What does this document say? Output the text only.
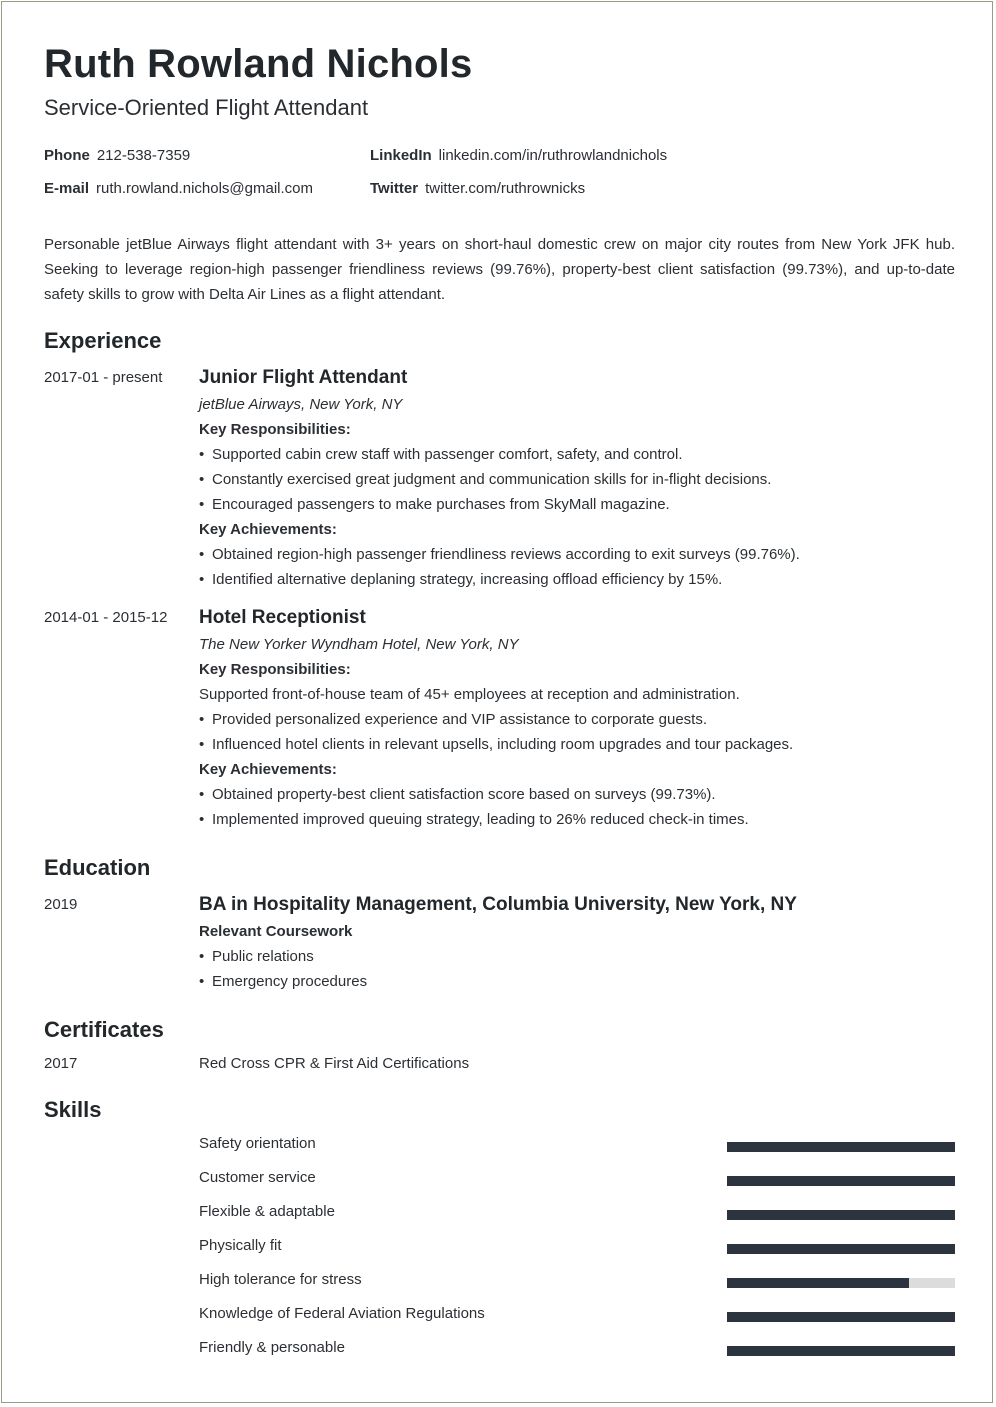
Ruth Rowland Nichols
Service-Oriented Flight Attendant
Phone 212-538-7359	LinkedIn linkedin.com/in/ruthrowlandnichols
E-mail ruth.rowland.nichols@gmail.com	Twitter twitter.com/ruthrownicks

Personable jetBlue Airways flight attendant with 3+ years on short-haul domestic crew on major city routes from New York JFK hub. Seeking to leverage region-high passenger friendliness reviews (99.76%), property-best client satisfaction (99.73%), and up-to-date safety skills to grow with Delta Air Lines as a flight attendant.

Experience
2017-01 - present Junior Flight Attendant
jetBlue Airways, New York, NY
Key Responsibilities:
• Supported cabin crew staff with passenger comfort, safety, and control.
• Constantly exercised great judgment and communication skills for in-flight decisions.
• Encouraged passengers to make purchases from SkyMall magazine.
Key Achievements:
• Obtained region-high passenger friendliness reviews according to exit surveys (99.76%).
• Identified alternative deplaning strategy, increasing offload efficiency by 15%.
2014-01 - 2015-12 Hotel Receptionist
The New Yorker Wyndham Hotel, New York, NY
Key Responsibilities:
Supported front-of-house team of 45+ employees at reception and administration.
• Provided personalized experience and VIP assistance to corporate guests.
• Influenced hotel clients in relevant upsells, including room upgrades and tour packages.
Key Achievements:
• Obtained property-best client satisfaction score based on surveys (99.73%).
• Implemented improved queuing strategy, leading to 26% reduced check-in times.
Education
2019	BA in Hospitality Management, Columbia University, New York, NY
Relevant Coursework
• Public relations
• Emergency procedures
Certificates
2017	Red Cross CPR & First Aid Certifications
Skills
Safety orientation
Customer service
Flexible & adaptable
Physically fit
High tolerance for stress
Knowledge of Federal Aviation Regulations
Friendly & personable
